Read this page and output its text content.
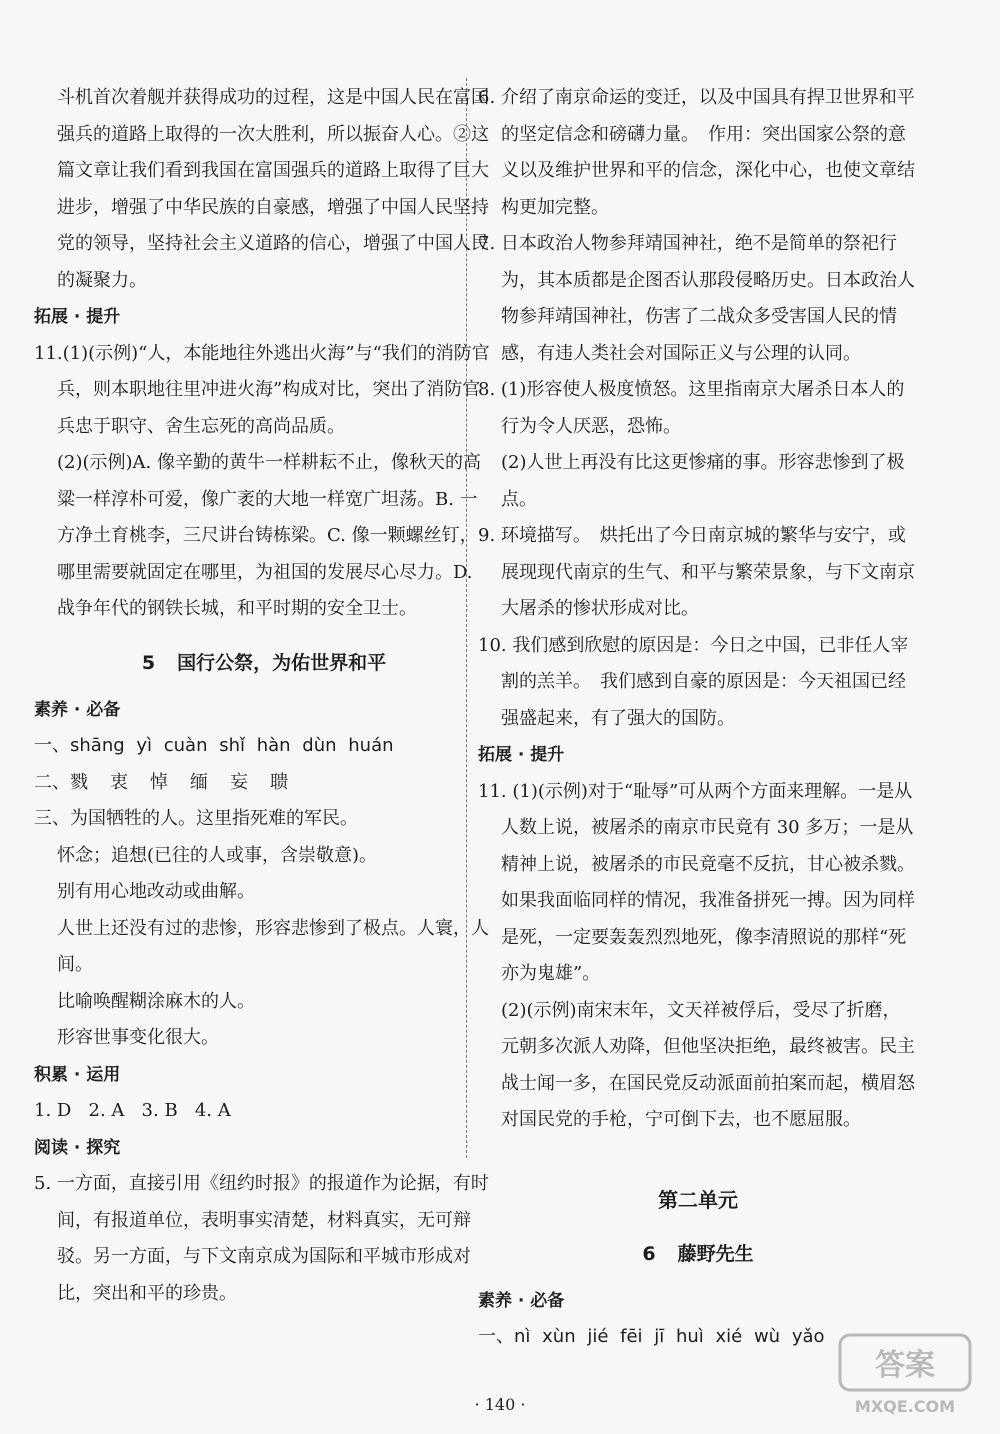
斗机首次着舰并获得成功的过程，这是中国人民在富国强兵的道路上取得的一次大胜利，所以振奋人心。②这篇文章让我们看到我国在富国强兵的道路上取得了巨大进步，增强了中华民族的自豪感，增强了中国人民坚持党的领导，坚持社会主义道路的信心，增强了中国人民的凝聚力。

拓展 · 提升

11.(1)(示例)“人，本能地往外逃出火海”与“我们的消防官兵，则本职地往里冲进火海”构成对比，突出了消防官兵忠于职守、舍生忘死的高尚品质。

(2)(示例)A. 像辛勤的黄牛一样耕耘不止，像秋天的高粱一样淳朴可爱，像广袤的大地一样宽广坦荡。B. 一方净土育桃李，三尺讲台铸栋梁。C. 像一颗螺丝钉，哪里需要就固定在哪里，为祖国的发展尽心尽力。D. 战争年代的钢铁长城，和平时期的安全卫士。

5 国行公祭，为佑世界和平

素养 · 必备

一、shāng yì cuàn shǐ hàn dùn huán

二、戮 衷 悼 缅 妄 聩

三、为国牺牲的人。这里指死难的军民。

怀念；追想(已往的人或事，含崇敬意)。

别有用心地改动或曲解。

人世上还没有过的悲惨，形容悲惨到了极点。人寰，人间。

比喻唤醒糊涂麻木的人。

形容世事变化很大。

积累 · 运用

1. D   2. A   3. B   4. A

阅读 · 探究

5. 一方面，直接引用《纽约时报》的报道作为论据，有时间，有报道单位，表明事实清楚，材料真实，无可辩驳。另一方面，与下文南京成为国际和平城市形成对比，突出和平的珍贵。

6. 介绍了南京命运的变迁，以及中国具有捍卫世界和平的坚定信念和磅礴力量。　作用：突出国家公祭的意义以及维护世界和平的信念，深化中心，也使文章结构更加完整。

7. 日本政治人物参拜靖国神社，绝不是简单的祭祀行为，其本质都是企图否认那段侵略历史。日本政治人物参拜靖国神社，伤害了二战众多受害国人民的情感，有违人类社会对国际正义与公理的认同。

8. (1)形容使人极度愤怒。这里指南京大屠杀日本人的行为令人厌恶，恐怖。

(2)人世上再没有比这更惨痛的事。形容悲惨到了极点。

9. 环境描写。　烘托出了今日南京城的繁华与安宁，或展现现代南京的生气、和平与繁荣景象，与下文南京大屠杀的惨状形成对比。

10. 我们感到欣慰的原因是：今日之中国，已非任人宰割的羔羊。　我们感到自豪的原因是：今天祖国已经强盛起来，有了强大的国防。

拓展 · 提升

11. (1)(示例)对于“耻辱”可从两个方面来理解。一是从人数上说，被屠杀的南京市民竟有 30 多万；一是从精神上说，被屠杀的市民竟毫不反抗，甘心被杀戮。如果我面临同样的情况，我准备拼死一搏。因为同样是死，一定要轰轰烈烈地死，像李清照说的那样“死亦为鬼雄”。

(2)(示例)南宋末年，文天祥被俘后，受尽了折磨，元朝多次派人劝降，但他坚决拒绝，最终被害。民主战士闻一多，在国民党反动派面前拍案而起，横眉怒对国民党的手枪，宁可倒下去，也不愿屈服。

第二单元
6 藤野先生

素养 · 必备

一、nì xùn jié fēi jī huì xié wù yǎo

· 140 ·
答案
MXQE.COM
